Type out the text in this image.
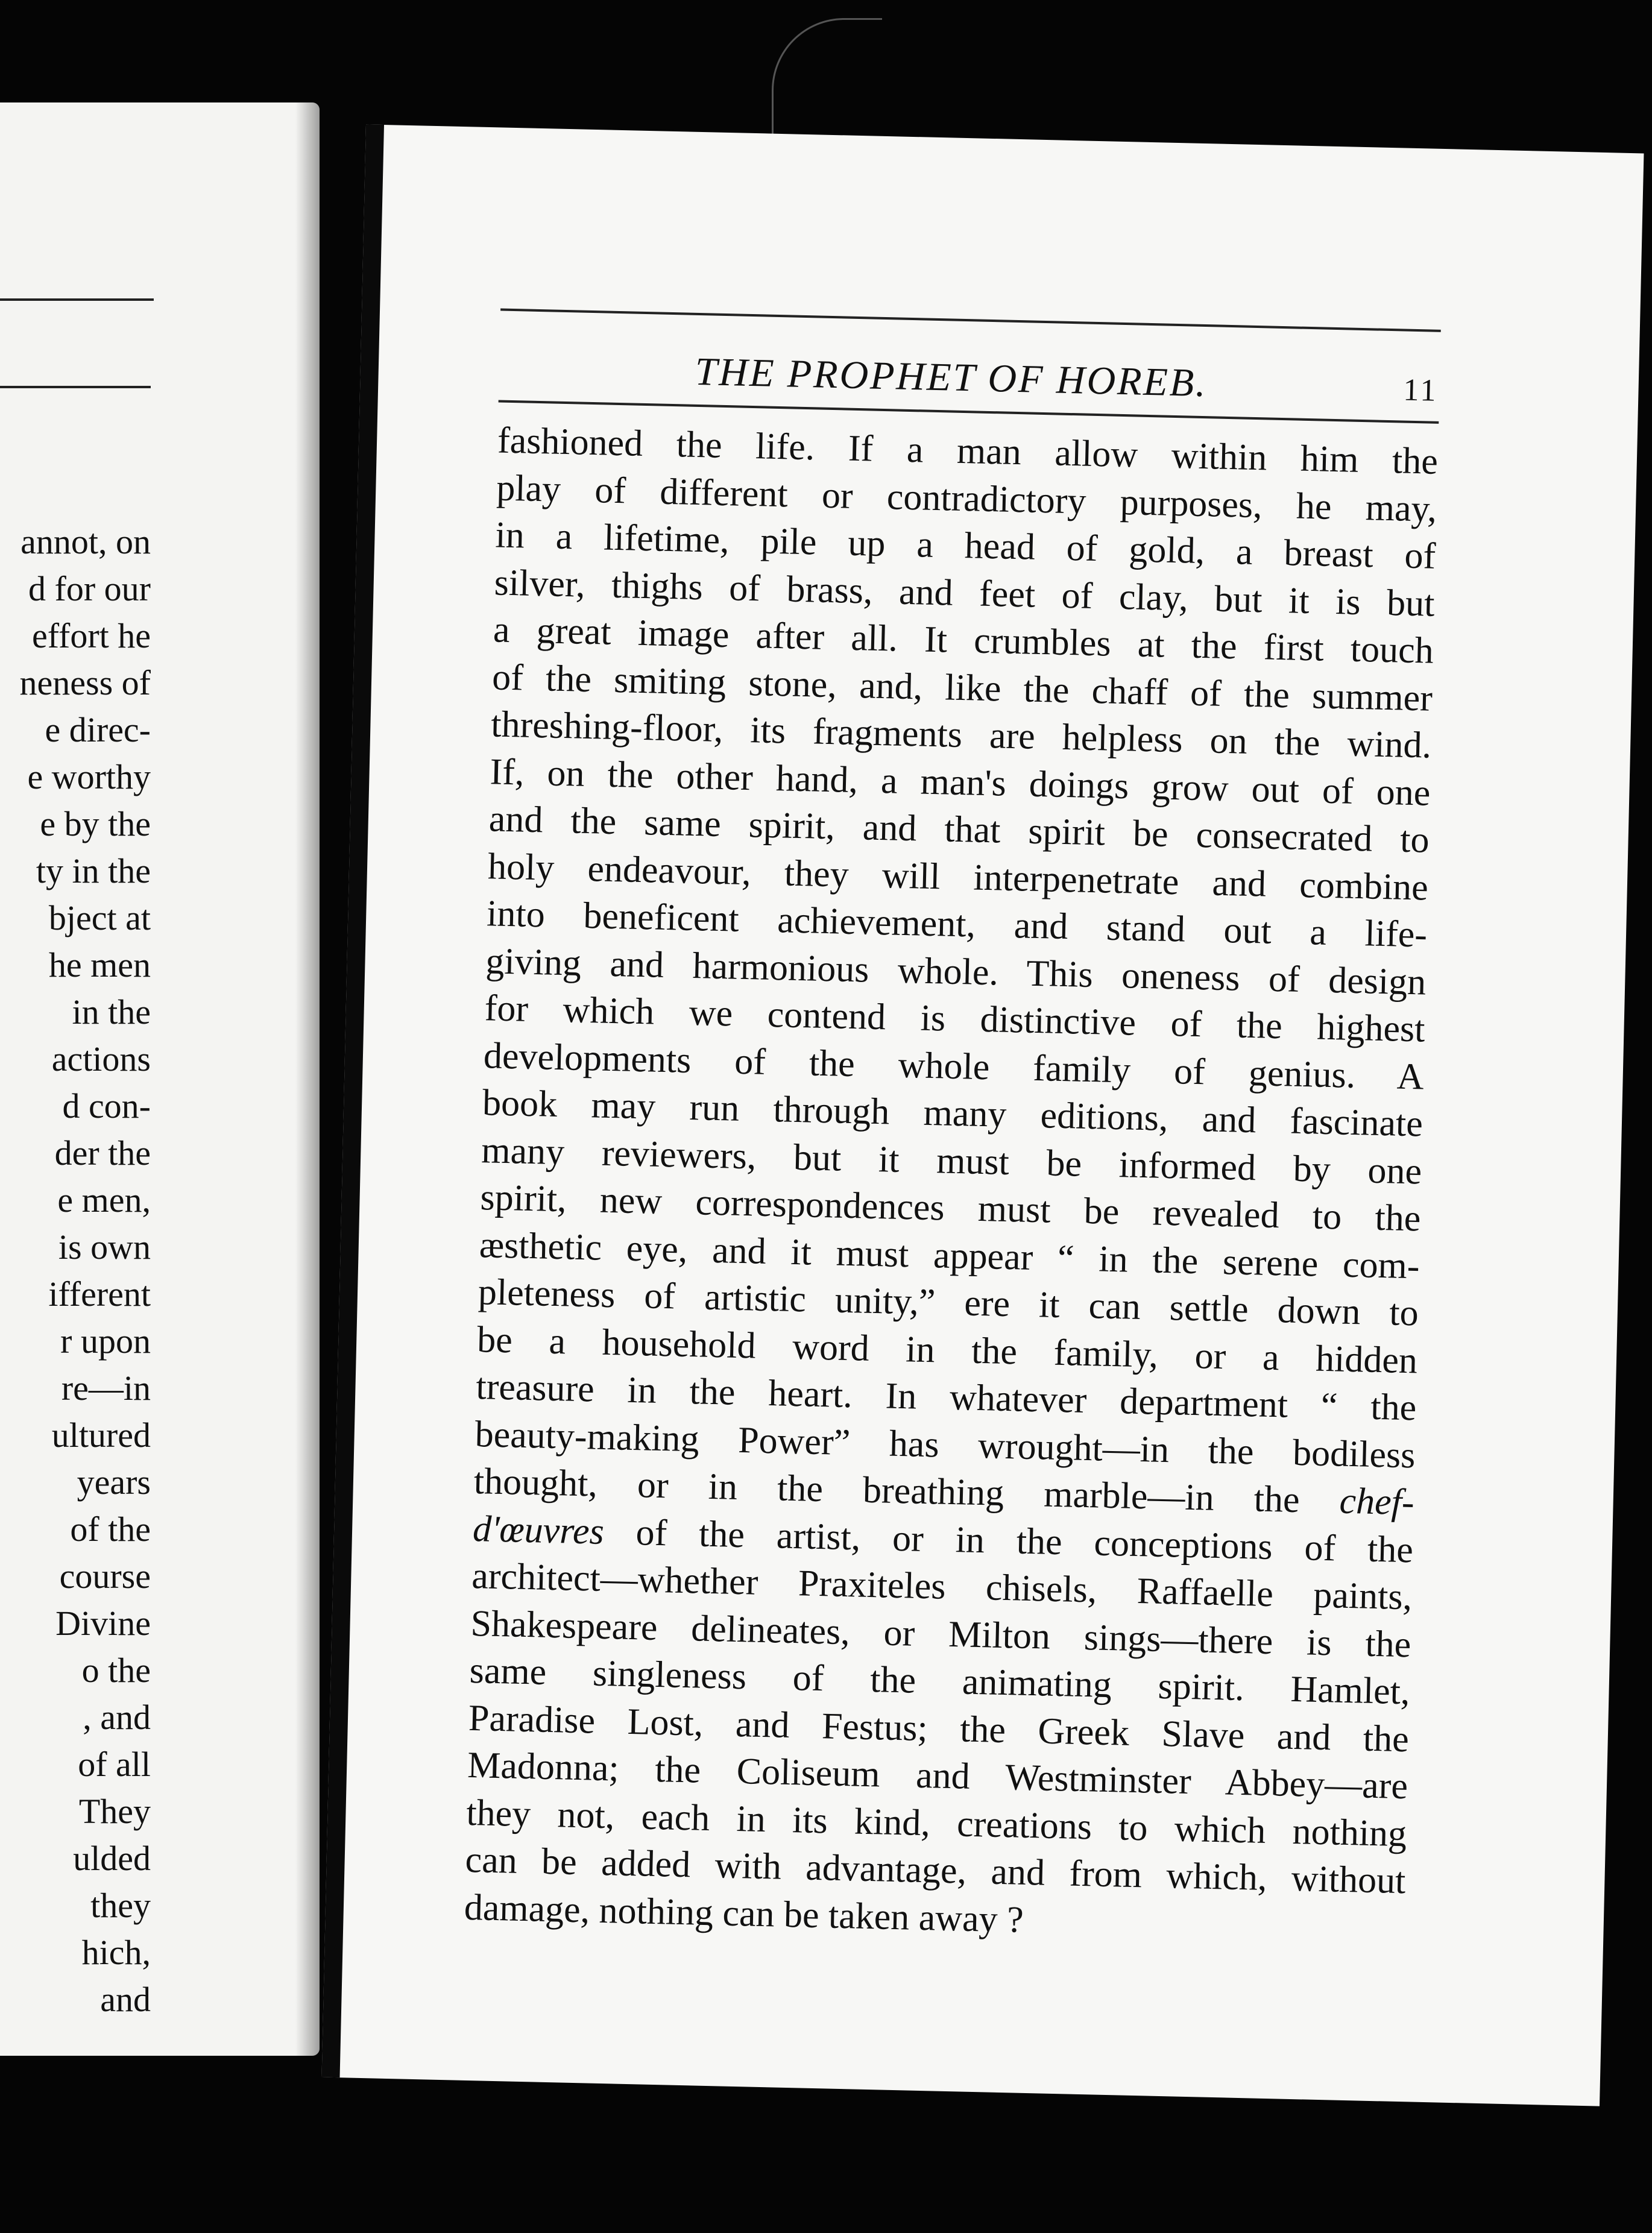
annot, on
d for our
effort he
neness of
e direc-
e worthy
e by the
ty in the
bject at
he men
in the
actions
d con-
der the
e men,
is own
ifferent
r upon
re—in
ultured
years
of the
course
Divine
o the
, and
of all
They
ulded
they
hich,
and
THE PROPHET OF HOREB.	11
fashioned the life. If a man allow within him the
play of different or contradictory purposes, he may,
in a lifetime, pile up a head of gold, a breast of
silver, thighs of brass, and feet of clay, but it is but
a great image after all. It crumbles at the first touch
of the smiting stone, and, like the chaff of the summer
threshing-floor, its fragments are helpless on the wind.
If, on the other hand, a man's doings grow out of one
and the same spirit, and that spirit be consecrated to
holy endeavour, they will interpenetrate and combine
into beneficent achievement, and stand out a life-
giving and harmonious whole. This oneness of design
for which we contend is distinctive of the highest
developments of the whole family of genius. A
book may run through many editions, and fascinate
many reviewers, but it must be informed by one
spirit, new correspondences must be revealed to the
æsthetic eye, and it must appear “ in the serene com-
pleteness of artistic unity,” ere it can settle down to
be a household word in the family, or a hidden
treasure in the heart. In whatever department “ the
beauty-making Power” has wrought—in the bodiless
thought, or in the breathing marble—in the chef-
d'œuvres of the artist, or in the conceptions of the
architect—whether Praxiteles chisels, Raffaelle paints,
Shakespeare delineates, or Milton sings—there is the
same singleness of the animating spirit. Hamlet,
Paradise Lost, and Festus; the Greek Slave and the
Madonna; the Coliseum and Westminster Abbey—are
they not, each in its kind, creations to which nothing
can be added with advantage, and from which, without
damage, nothing can be taken away ?
